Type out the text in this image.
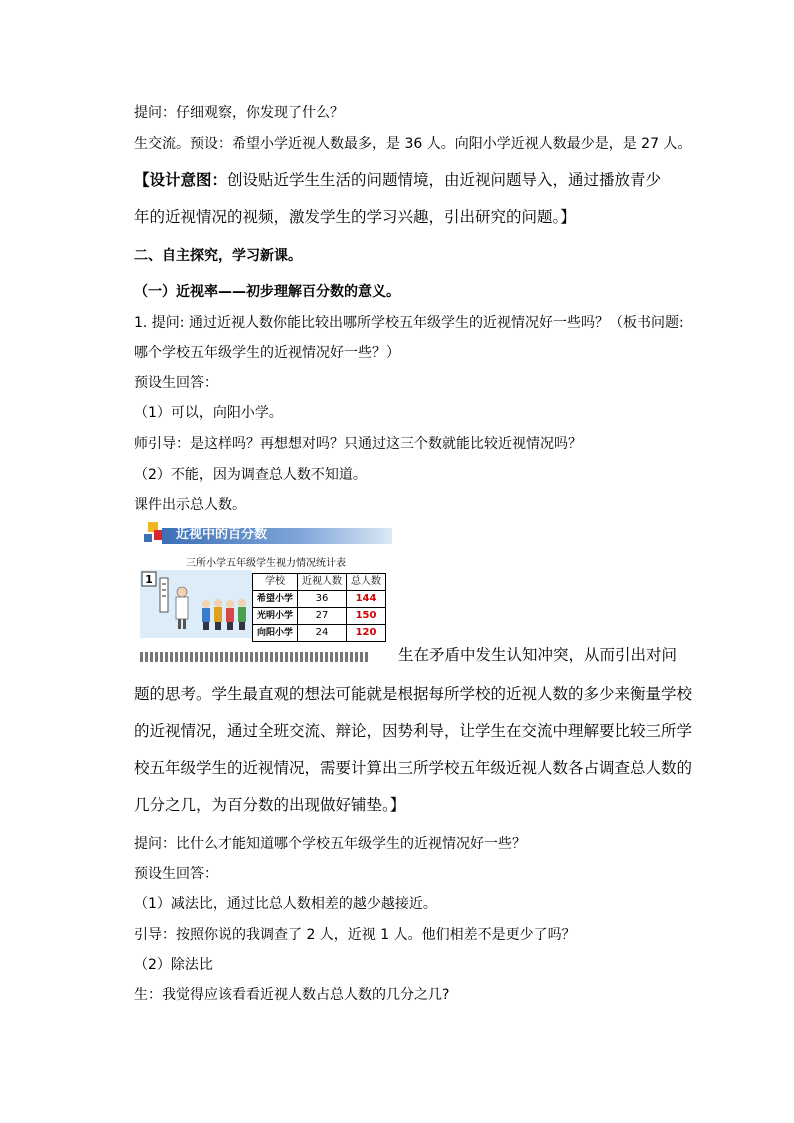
提问：仔细观察，你发现了什么？
生交流。预设：希望小学近视人数最多，是 36 人。向阳小学近视人数最少是，是 27 人。
【设计意图：创设贴近学生生活的问题情境，由近视问题导入，通过播放青少
年的近视情况的视频，激发学生的学习兴趣，引出研究的问题。】
二、自主探究，学习新课。
（一）近视率——初步理解百分数的意义。
1. 提问: 通过近视人数你能比较出哪所学校五年级学生的近视情况好一些吗？（板书问题:
哪个学校五年级学生的近视情况好一些？）
预设生回答：
（1）可以，向阳小学。
师引导：是这样吗？再想想对吗？只通过这三个数就能比较近视情况吗？
（2）不能，因为调查总人数不知道。
课件出示总人数。
近视中的百分数
三所小学五年级学生视力情况统计表
1	学校	近视人数	总人数
希望小学	36	144
光明小学	27	150
向阳小学	24	120
生在矛盾中发生认知冲突，从而引出对问
题的思考。学生最直观的想法可能就是根据每所学校的近视人数的多少来衡量学校
的近视情况，通过全班交流、辩论，因势利导，让学生在交流中理解要比较三所学
校五年级学生的近视情况，需要计算出三所学校五年级近视人数各占调查总人数的
几分之几，为百分数的出现做好铺垫。】
提问：比什么才能知道哪个学校五年级学生的近视情况好一些？
预设生回答：
（1）减法比，通过比总人数相差的越少越接近。
引导：按照你说的我调查了 2 人，近视 1 人。他们相差不是更少了吗？
（2）除法比
生：我觉得应该看看近视人数占总人数的几分之几?
